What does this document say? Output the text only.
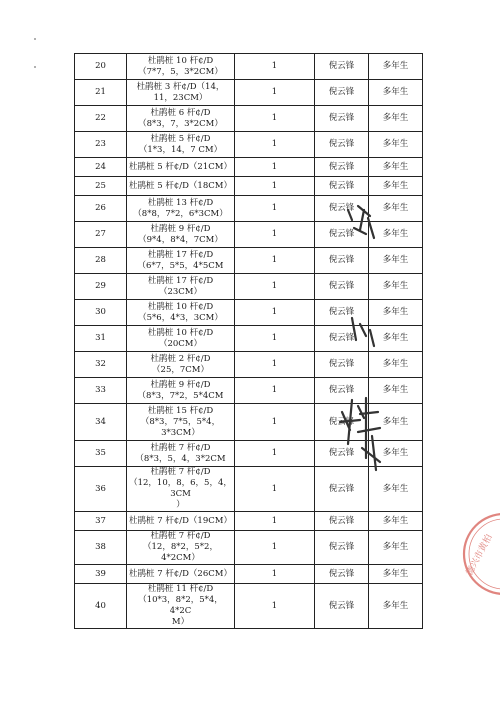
20	杜鹃桩 10 杆¢/D
（7*7，5，3*2CM）	1	倪云锋	多年生
21	杜鹃桩 3 杆¢/D（14，
11，23CM）	1	倪云锋	多年生
22	杜鹃桩 6 杆¢/D
（8*3，7，3*2CM）	1	倪云锋	多年生
23	杜鹃桩 5 杆¢/D
（1*3，14，7 CM）	1	倪云锋	多年生
24	杜鹃桩 5 杆¢/D（21CM）	1	倪云锋	多年生
25	杜鹃桩 5 杆¢/D（18CM）	1	倪云锋	多年生
26	杜鹃桩 13 杆¢/D
（8*8，7*2，6*3CM）	1	倪云锋	多年生
27	杜鹃桩 9 杆¢/D
（9*4，8*4，7CM）	1	倪云锋	多年生
28	杜鹃桩 17 杆¢/D
（6*7，5*5，4*5CM	1	倪云锋	多年生
29	杜鹃桩 17 杆¢/D
（23CM）	1	倪云锋	多年生
30	杜鹃桩 10 杆¢/D
（5*6，4*3，3CM）	1	倪云锋	多年生
31	杜鹃桩 10 杆¢/D
（20CM）	1	倪云锋	多年生
32	杜鹃桩 2 杆¢/D
（25，7CM）	1	倪云锋	多年生
33	杜鹃桩 9 杆¢/D
（8*3，7*2，5*4CM	1	倪云锋	多年生
34	杜鹃桩 15 杆¢/D
（8*3，7*5，5*4，
3*3CM）	1	倪云锋	多年生
35	杜鹃桩 7 杆¢/D
（8*3，5，4，3*2CM	1	倪云锋	多年生
36	杜鹃桩 7 杆¢/D
（12，10，8，6，5，4，3CM
）	1	倪云锋	多年生
37	杜鹃桩 7 杆¢/D（19CM）	1	倪云锋	多年生
38	杜鹃桩 7 杆¢/D
（12，8*2，5*2，4*2CM）	1	倪云锋	多年生
39	杜鹃桩 7 杆¢/D（26CM）	1	倪云锋	多年生
40	杜鹃桩 11 杆¢/D
（10*3，8*2，5*4，4*2C
M）	1	倪云锋	多年生
德兴市黄柏
